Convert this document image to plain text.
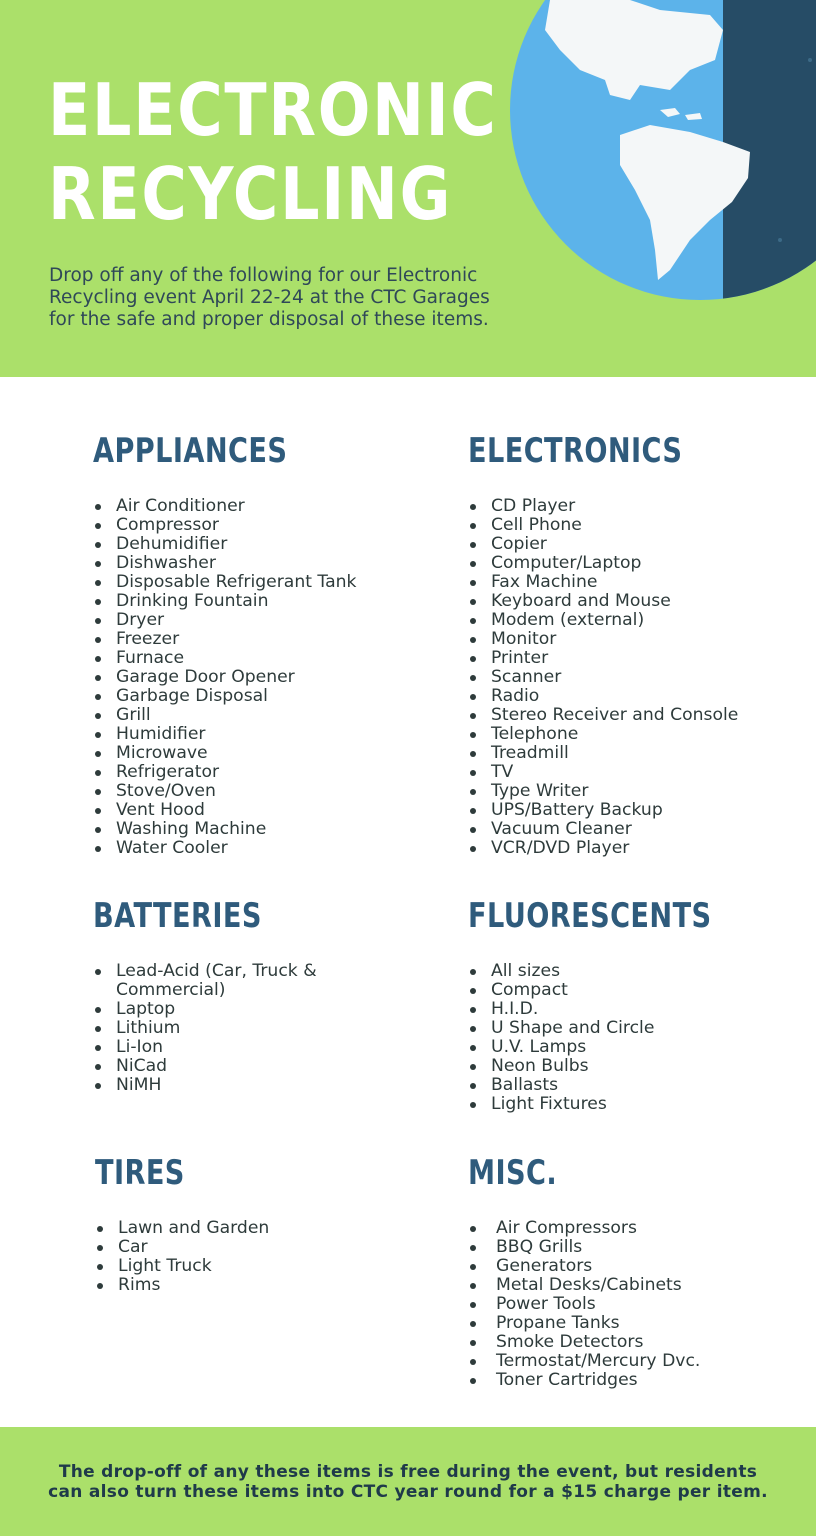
ELECTRONIC
RECYCLING
Drop off any of the following for our Electronic
Recycling event April 22-24 at the CTC Garages
for the safe and proper disposal of these items.
APPLIANCES
Air Conditioner
Compressor
Dehumidifier
Dishwasher
Disposable Refrigerant Tank
Drinking Fountain
Dryer
Freezer
Furnace
Garage Door Opener
Garbage Disposal
Grill
Humidifier
Microwave
Refrigerator
Stove/Oven
Vent Hood
Washing Machine
Water Cooler
ELECTRONICS
CD Player
Cell Phone
Copier
Computer/Laptop
Fax Machine
Keyboard and Mouse
Modem (external)
Monitor
Printer
Scanner
Radio
Stereo Receiver and Console
Telephone
Treadmill
TV
Type Writer
UPS/Battery Backup
Vacuum Cleaner
VCR/DVD Player
BATTERIES
Lead-Acid (Car, Truck &
Commercial)
Laptop
Lithium
Li-Ion
NiCad
NiMH
FLUORESCENTS
All sizes
Compact
H.I.D.
U Shape and Circle
U.V. Lamps
Neon Bulbs
Ballasts
Light Fixtures
TIRES
Lawn and Garden
Car
Light Truck
Rims
MISC.
Air Compressors
BBQ Grills
Generators
Metal Desks/Cabinets
Power Tools
Propane Tanks
Smoke Detectors
Termostat/Mercury Dvc.
Toner Cartridges

The drop-off of any these items is free during the event, but residents
can also turn these items into CTC year round for a $15 charge per item.
